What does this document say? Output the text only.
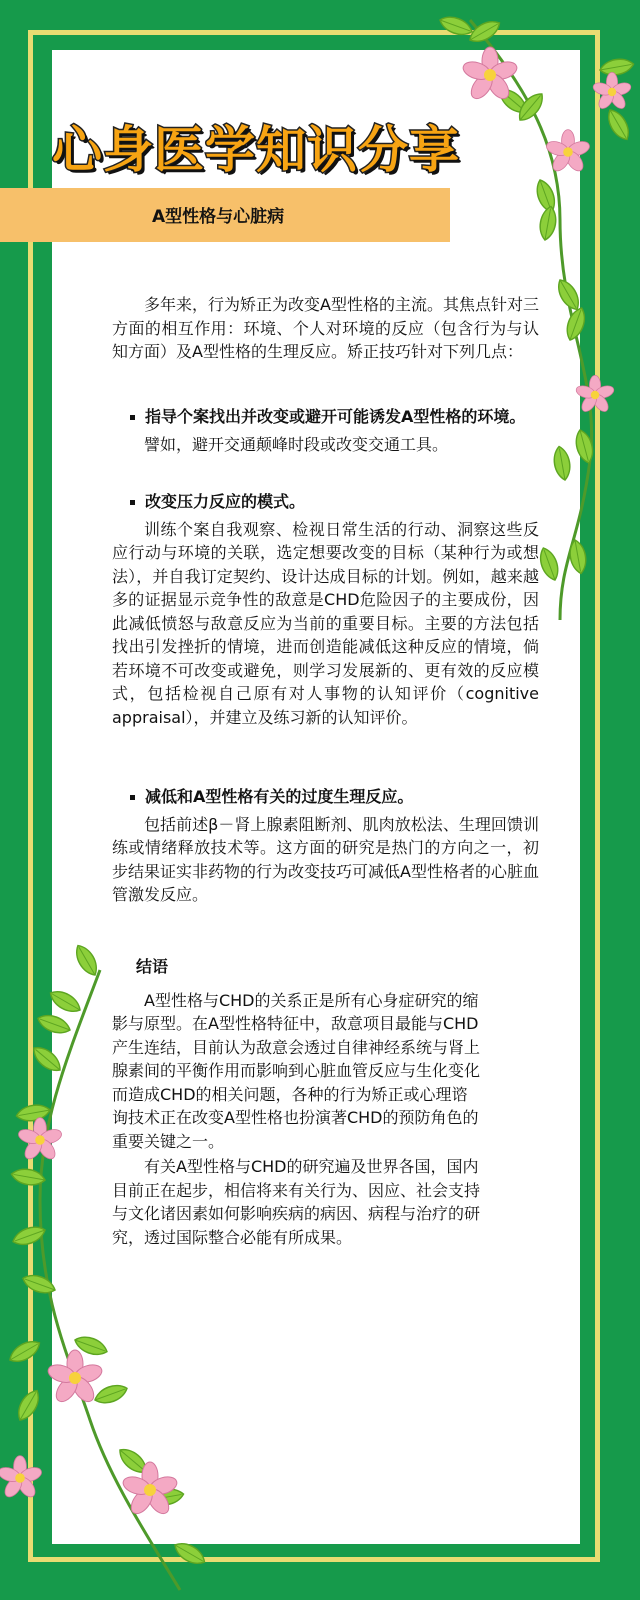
心身医学知识分享
A型性格与心脏病
多年来，行为矫正为改变A型性格的主流。其焦点针对三方面的相互作用：环境、个人对环境的反应（包含行为与认知方面）及A型性格的生理反应。矫正技巧针对下列几点：
指导个案找出并改变或避开可能诱发A型性格的环境。
譬如，避开交通颠峰时段或改变交通工具。
改变压力反应的模式。
训练个案自我观察、检视日常生活的行动、洞察这些反应行动与环境的关联，选定想要改变的目标（某种行为或想法），并自我订定契约、设计达成目标的计划。例如，越来越多的证据显示竞争性的敌意是CHD危险因子的主要成份，因此减低愤怒与敌意反应为当前的重要目标。主要的方法包括找出引发挫折的情境，进而创造能减低这种反应的情境，倘若环境不可改变或避免，则学习发展新的、更有效的反应模式，包括检视自己原有对人事物的认知评价（cognitive appraisal），并建立及练习新的认知评价。
减低和A型性格有关的过度生理反应。
包括前述β－肾上腺素阻断剂、肌肉放松法、生理回馈训练或情绪释放技术等。这方面的研究是热门的方向之一，初步结果证实非药物的行为改变技巧可减低A型性格者的心脏血管激发反应。
结语
A型性格与CHD的关系正是所有心身症研究的缩影与原型。在A型性格特征中，敌意项目最能与CHD产生连结，目前认为敌意会透过自律神经系统与肾上腺素间的平衡作用而影响到心脏血管反应与生化变化而造成CHD的相关问题，各种的行为矫正或心理谘询技术正在改变A型性格也扮演著CHD的预防角色的重要关键之一。
有关A型性格与CHD的研究遍及世界各国，国内目前正在起步，相信将来有关行为、因应、社会支持与文化诸因素如何影响疾病的病因、病程与治疗的研究，透过国际整合必能有所成果。
